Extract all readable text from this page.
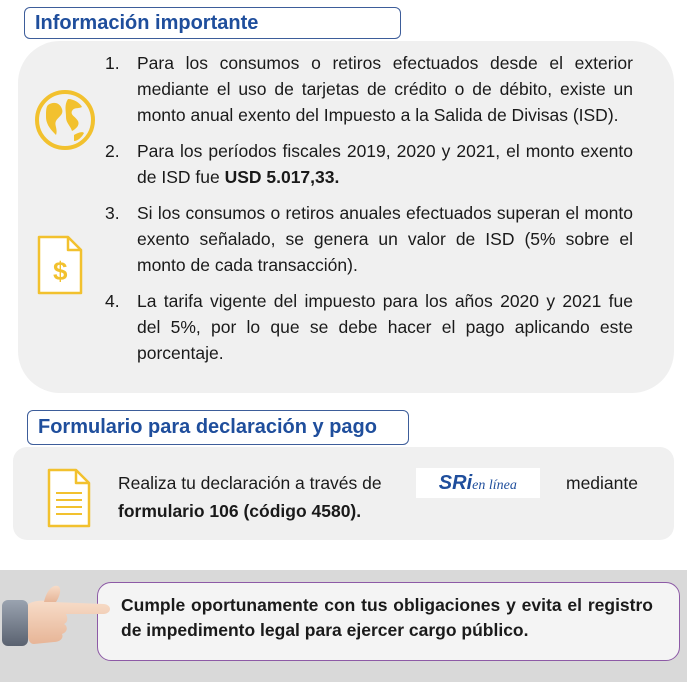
Información importante
$
1. Para los consumos o retiros efectuados desde el exterior mediante el uso de tarjetas de crédito o de débito, existe un monto anual exento del Impuesto a la Salida de Divisas (ISD).
2. Para los períodos fiscales 2019, 2020 y 2021, el monto exento de ISD fue USD 5.017,33.
3. Si los consumos o retiros anuales efectuados superan el monto exento señalado, se genera un valor de ISD (5% sobre el monto de cada transacción).
4. La tarifa vigente del impuesto para los años 2020 y 2021 fue del 5%, por lo que se debe hacer el pago aplicando este porcentaje.
Formulario para declaración y pago
Realiza tu declaración a través de	SRien línea	mediante
formulario 106 (código 4580).
Cumple oportunamente con tus obligaciones y evita el registro de impedimento legal para ejercer cargo público.
